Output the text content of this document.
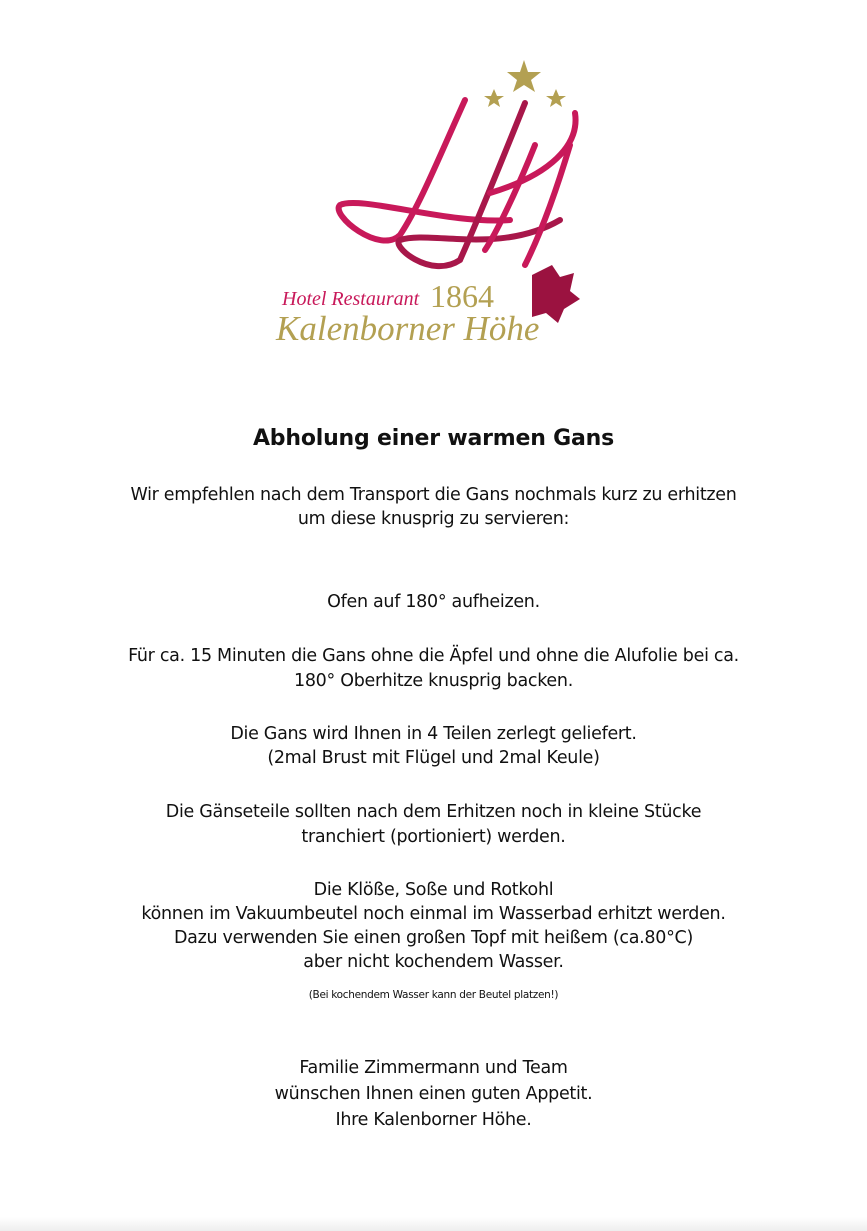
Hotel Restaurant 1864
Kalenborner Höhe
Abholung einer warmen Gans
Wir empfehlen nach dem Transport die Gans nochmals kurz zu erhitzen
um diese knusprig zu servieren:
Ofen auf 180° aufheizen.
Für ca. 15 Minuten die Gans ohne die Äpfel und ohne die Alufolie bei ca.
180° Oberhitze knusprig backen.
Die Gans wird Ihnen in 4 Teilen zerlegt geliefert.
(2mal Brust mit Flügel und 2mal Keule)
Die Gänseteile sollten nach dem Erhitzen noch in kleine Stücke
tranchiert (portioniert) werden.
Die Klöße, Soße und Rotkohl
können im Vakuumbeutel noch einmal im Wasserbad erhitzt werden.
Dazu verwenden Sie einen großen Topf mit heißem (ca.80°C)
aber nicht kochendem Wasser.
(Bei kochendem Wasser kann der Beutel platzen!)
Familie Zimmermann und Team
wünschen Ihnen einen guten Appetit.
Ihre Kalenborner Höhe.
